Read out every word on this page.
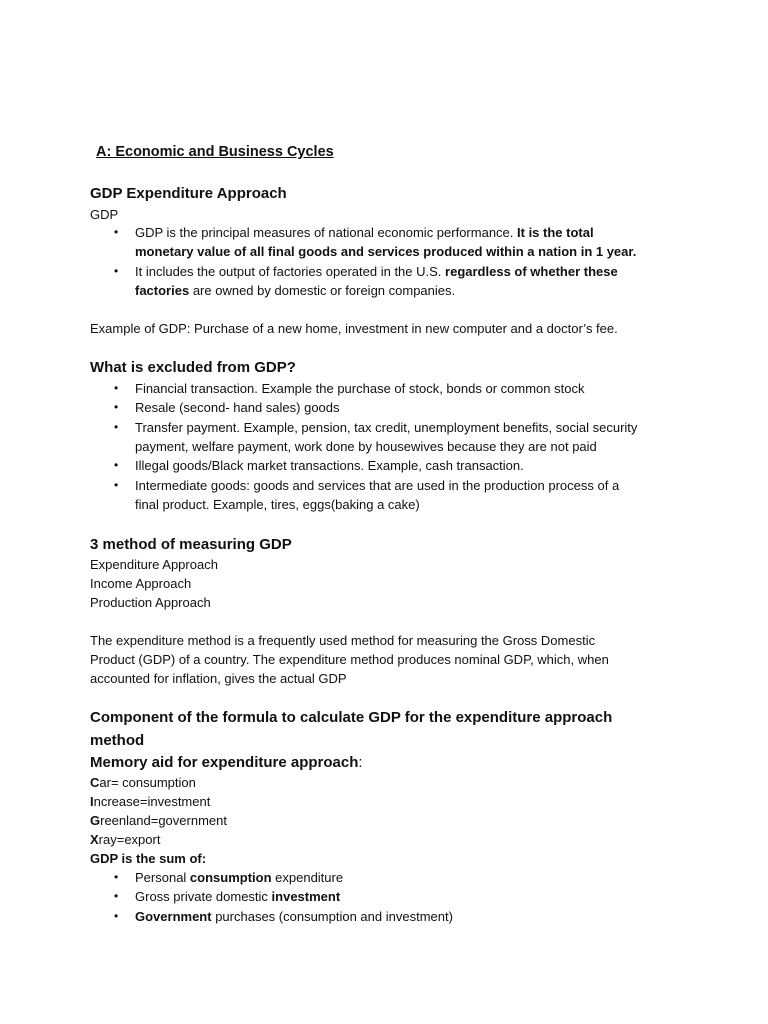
A: Economic and Business Cycles
GDP Expenditure Approach
GDP
• GDP is the principal measures of national economic performance. It is the total
monetary value of all final goods and services produced within a nation in 1 year.
• It includes the output of factories operated in the U.S. regardless of whether these
factories are owned by domestic or foreign companies.
Example of GDP: Purchase of a new home, investment in new computer and a doctor’s fee.
What is excluded from GDP?
• Financial transaction. Example the purchase of stock, bonds or common stock
• Resale (second- hand sales) goods
• Transfer payment. Example, pension, tax credit, unemployment benefits, social security
payment, welfare payment, work done by housewives because they are not paid
• Illegal goods/Black market transactions. Example, cash transaction.
• Intermediate goods: goods and services that are used in the production process of a
final product. Example, tires, eggs(baking a cake)
3 method of measuring GDP
Expenditure Approach
Income Approach
Production Approach
The expenditure method is a frequently used method for measuring the Gross Domestic
Product (GDP) of a country. The expenditure method produces nominal GDP, which, when
accounted for inflation, gives the actual GDP
Component of the formula to calculate GDP for the expenditure approach
method
Memory aid for expenditure approach:
Car= consumption
Increase=investment
Greenland=government
Xray=export
GDP is the sum of:
• Personal consumption expenditure
• Gross private domestic investment
• Government purchases (consumption and investment)
